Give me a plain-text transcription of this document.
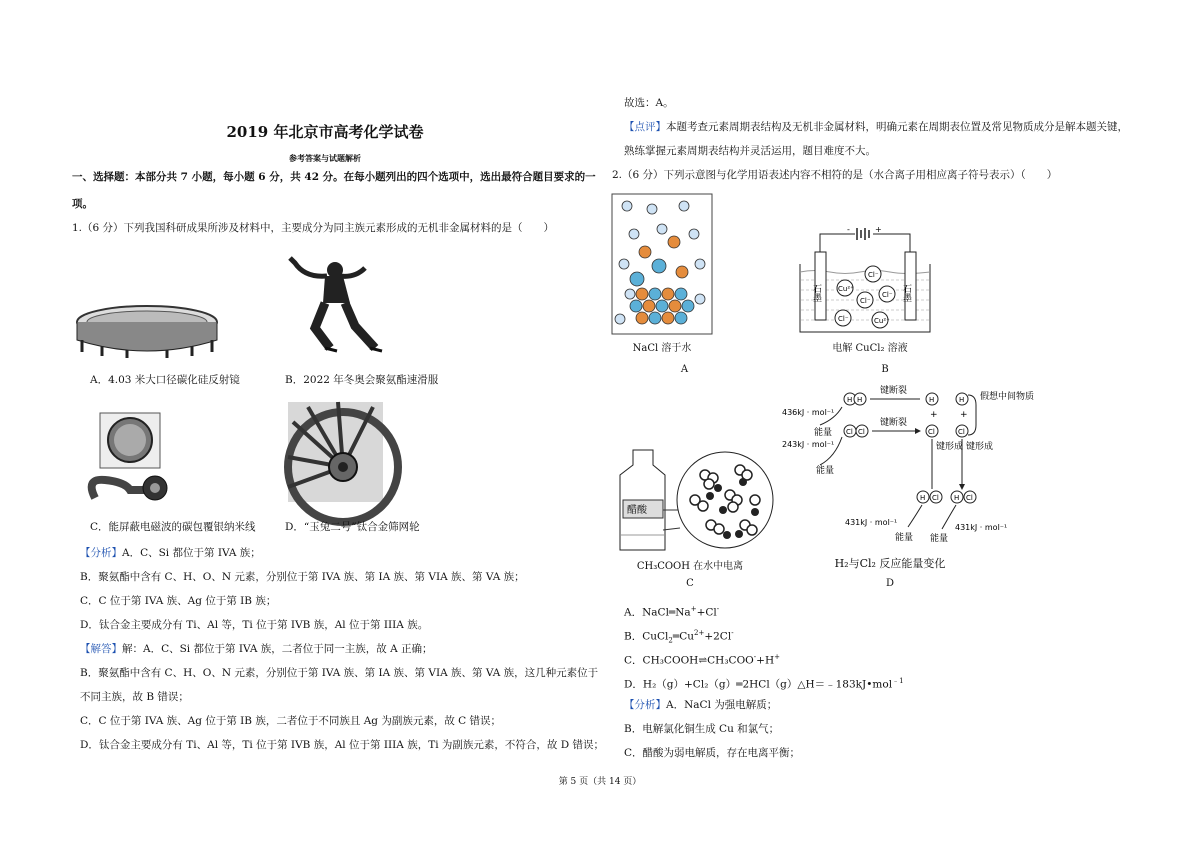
2019 年北京市高考化学试卷
参考答案与试题解析
一、选择题：本部分共 7 小题，每小题 6 分，共 42 分。在每小题列出的四个选项中，选出最符合题目要求的一
项。
1.（6 分）下列我国科研成果所涉及材料中，主要成分为同主族元素形成的无机非金属材料的是（　　）
A．4.03 米大口径碳化硅反射镜	B．2022 年冬奥会聚氨酯速滑服
C．能屏蔽电磁波的碳包覆银纳米线	D．“玉兔二号”钛合金筛网轮
【分析】A．C、Si 都位于第 IVA 族；
B．聚氨酯中含有 C、H、O、N 元素，分别位于第 IVA 族、第 IA 族、第 VIA 族、第 VA 族；
C．C 位于第 IVA 族、Ag 位于第 IB 族；
D．钛合金主要成分有 Ti、Al 等，Ti 位于第 IVB 族，Al 位于第 IIIA 族。
【解答】解：A．C、Si 都位于第 IVA 族，二者位于同一主族，故 A 正确；
B．聚氨酯中含有 C、H、O、N 元素，分别位于第 IVA 族、第 IA 族、第 VIA 族、第 VA 族，这几种元素位于
不同主族，故 B 错误；
C．C 位于第 IVA 族、Ag 位于第 IB 族，二者位于不同族且 Ag 为副族元素，故 C 错误；
D．钛合金主要成分有 Ti、Al 等，Ti 位于第 IVB 族，Al 位于第 IIIA 族，Ti 为副族元素，不符合，故 D 错误；
故选：A。
【点评】本题考查元素周期表结构及无机非金属材料，明确元素在周期表位置及常见物质成分是解本题关键，
熟练掌握元素周期表结构并灵活运用，题目难度不大。
2.（6 分）下列示意图与化学用语表述内容不相符的是（水合离子用相应离子符号表示）（　　）
NaCl 溶于水
A
-	+
石墨	石墨
Cl⁻
Cu²⁺
Cl⁻
Cl⁻
Cl⁻	Cu²⁺
电解 CuCl₂ 溶液
B
醋酸
CH₃COOH 在水中电离
C
H H
Cl Cl
H
Cl
H
Cl
H Cl H Cl
+ +
键断裂
键断裂
假想中间物质
键形成 键形成
436kJ · mol⁻¹
能量
243kJ · mol⁻¹
能量
431kJ · mol⁻¹
431kJ · mol⁻¹
能量 能量
H₂与Cl₂ 反应能量变化
D
A．NaCl═Na++Cl-
B．$CuCl_2═Cu^{2+}+2Cl^-$
C．CH₃COOH⇌CH₃COO-+H+
D．H₂（g）+Cl₂（g）═2HCl（g）△H＝﹣183kJ•mol$^{﹣1}$
【分析】A．NaCl 为强电解质；
B．电解氯化铜生成 Cu 和氯气；
C．醋酸为弱电解质，存在电离平衡；
第 5 页（共 14 页）
